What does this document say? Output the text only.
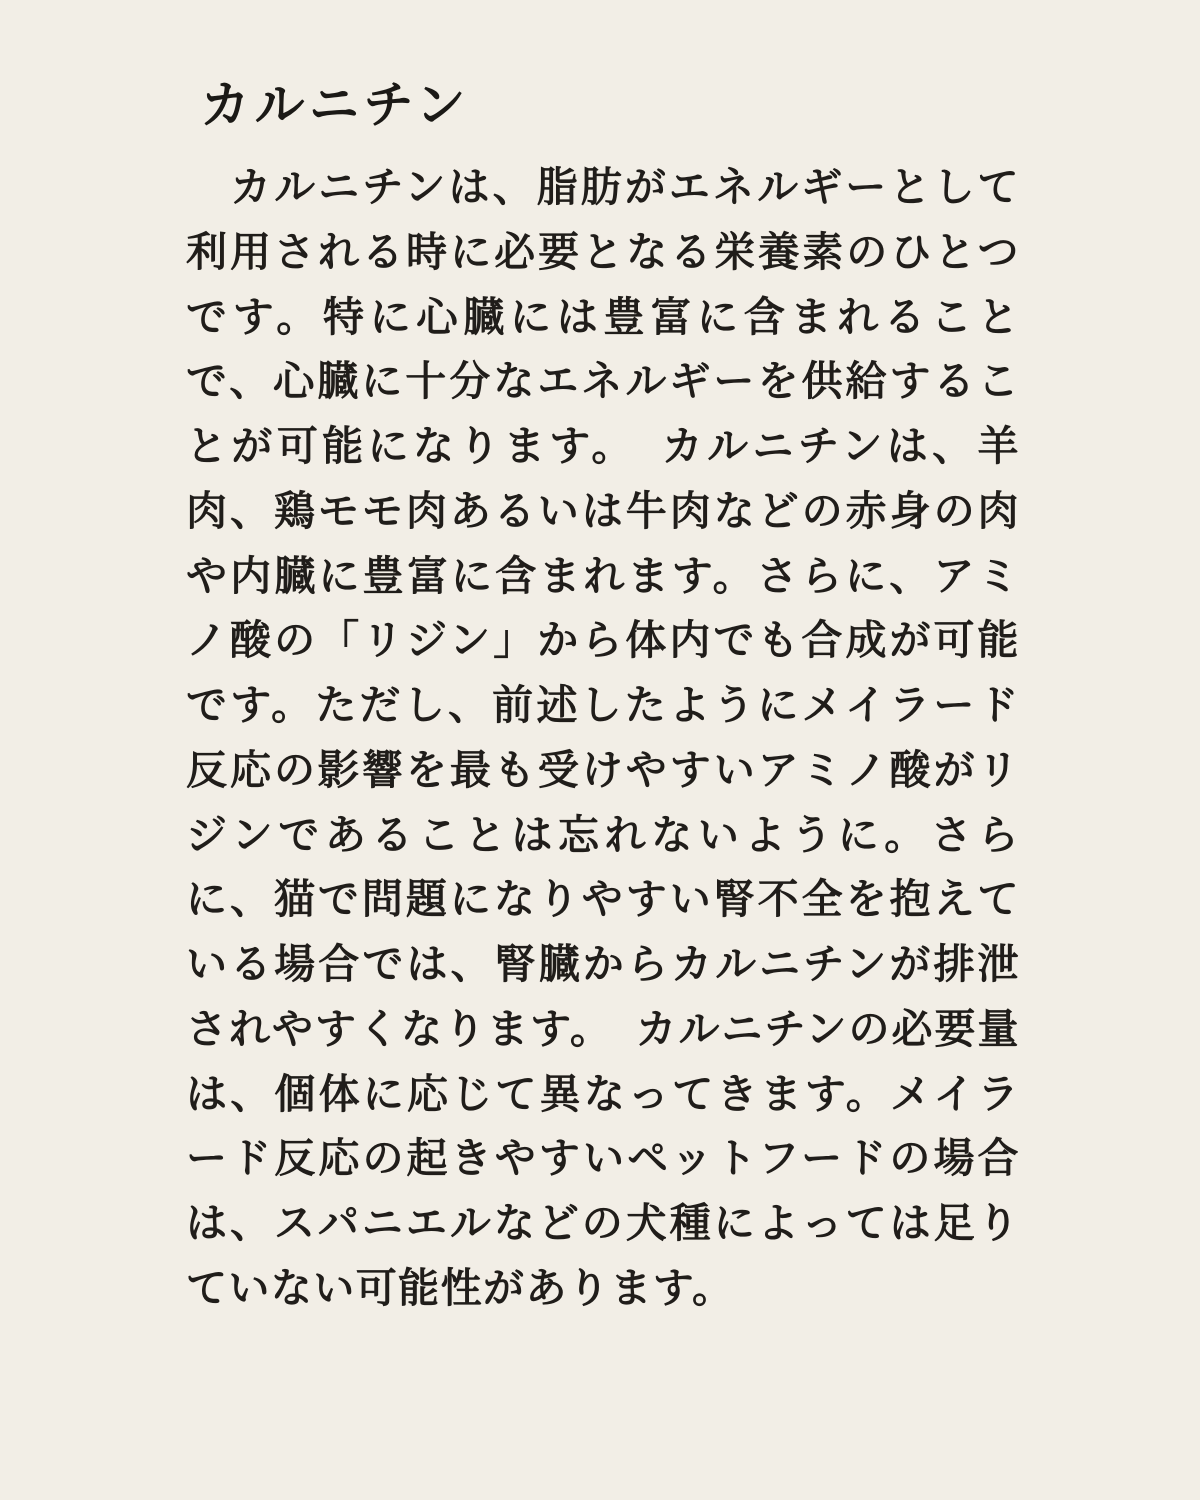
カルニチン

　カルニチンは、脂肪がエネルギーとして利用される時に必要となる栄養素のひとつです。特に心臓には豊富に含まれることで、心臓に十分なエネルギーを供給することが可能になります。　カルニチンは、羊肉、鶏モモ肉あるいは牛肉などの赤身の肉や内臓に豊富に含まれます。さらに、アミノ酸の「リジン」から体内でも合成が可能です。ただし、前述したようにメイラード反応の影響を最も受けやすいアミノ酸がリジンであることは忘れないように。さらに、猫で問題になりやすい腎不全を抱えている場合では、腎臓からカルニチンが排泄されやすくなります。　カルニチンの必要量は、個体に応じて異なってきます。メイラード反応の起きやすいペットフードの場合は、スパニエルなどの犬種によっては足りていない可能性があります。
